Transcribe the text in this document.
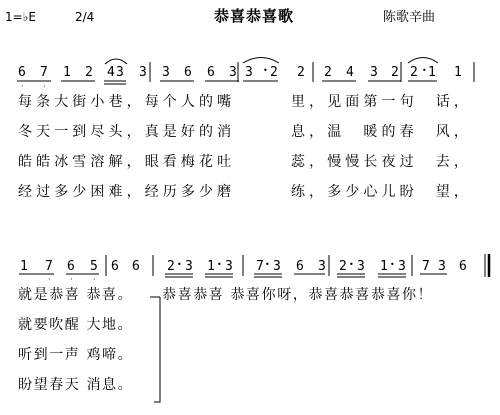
1=♭E	2/4	恭喜恭喜歌	陈歌辛曲
6 7 1 2 4 3 3 3 6 6 3 3 2 2 2 4 3 2 2 1 1
•	•
· ·
每条大街小巷，每个人的嘴	里，见面第一句　话，
冬天一到尽头，真是好的消	息，温　暖的春　风，
皓皓冰雪溶解，眼看梅花吐	蕊，慢慢长夜过　去，
经过多少困难，经历多少磨	练，多少心儿盼　望，
1 7 6 5 6 6 2 3 1 3 7 3 6 3 2 3 1 3 7 3 6
•	•	•	•	•
· ·	·
就是恭喜 恭喜。 恭喜恭喜 恭喜你呀，恭喜恭喜恭喜你！
就要吹醒 大地。
听到一声 鸡啼。
盼望春天 消息。
